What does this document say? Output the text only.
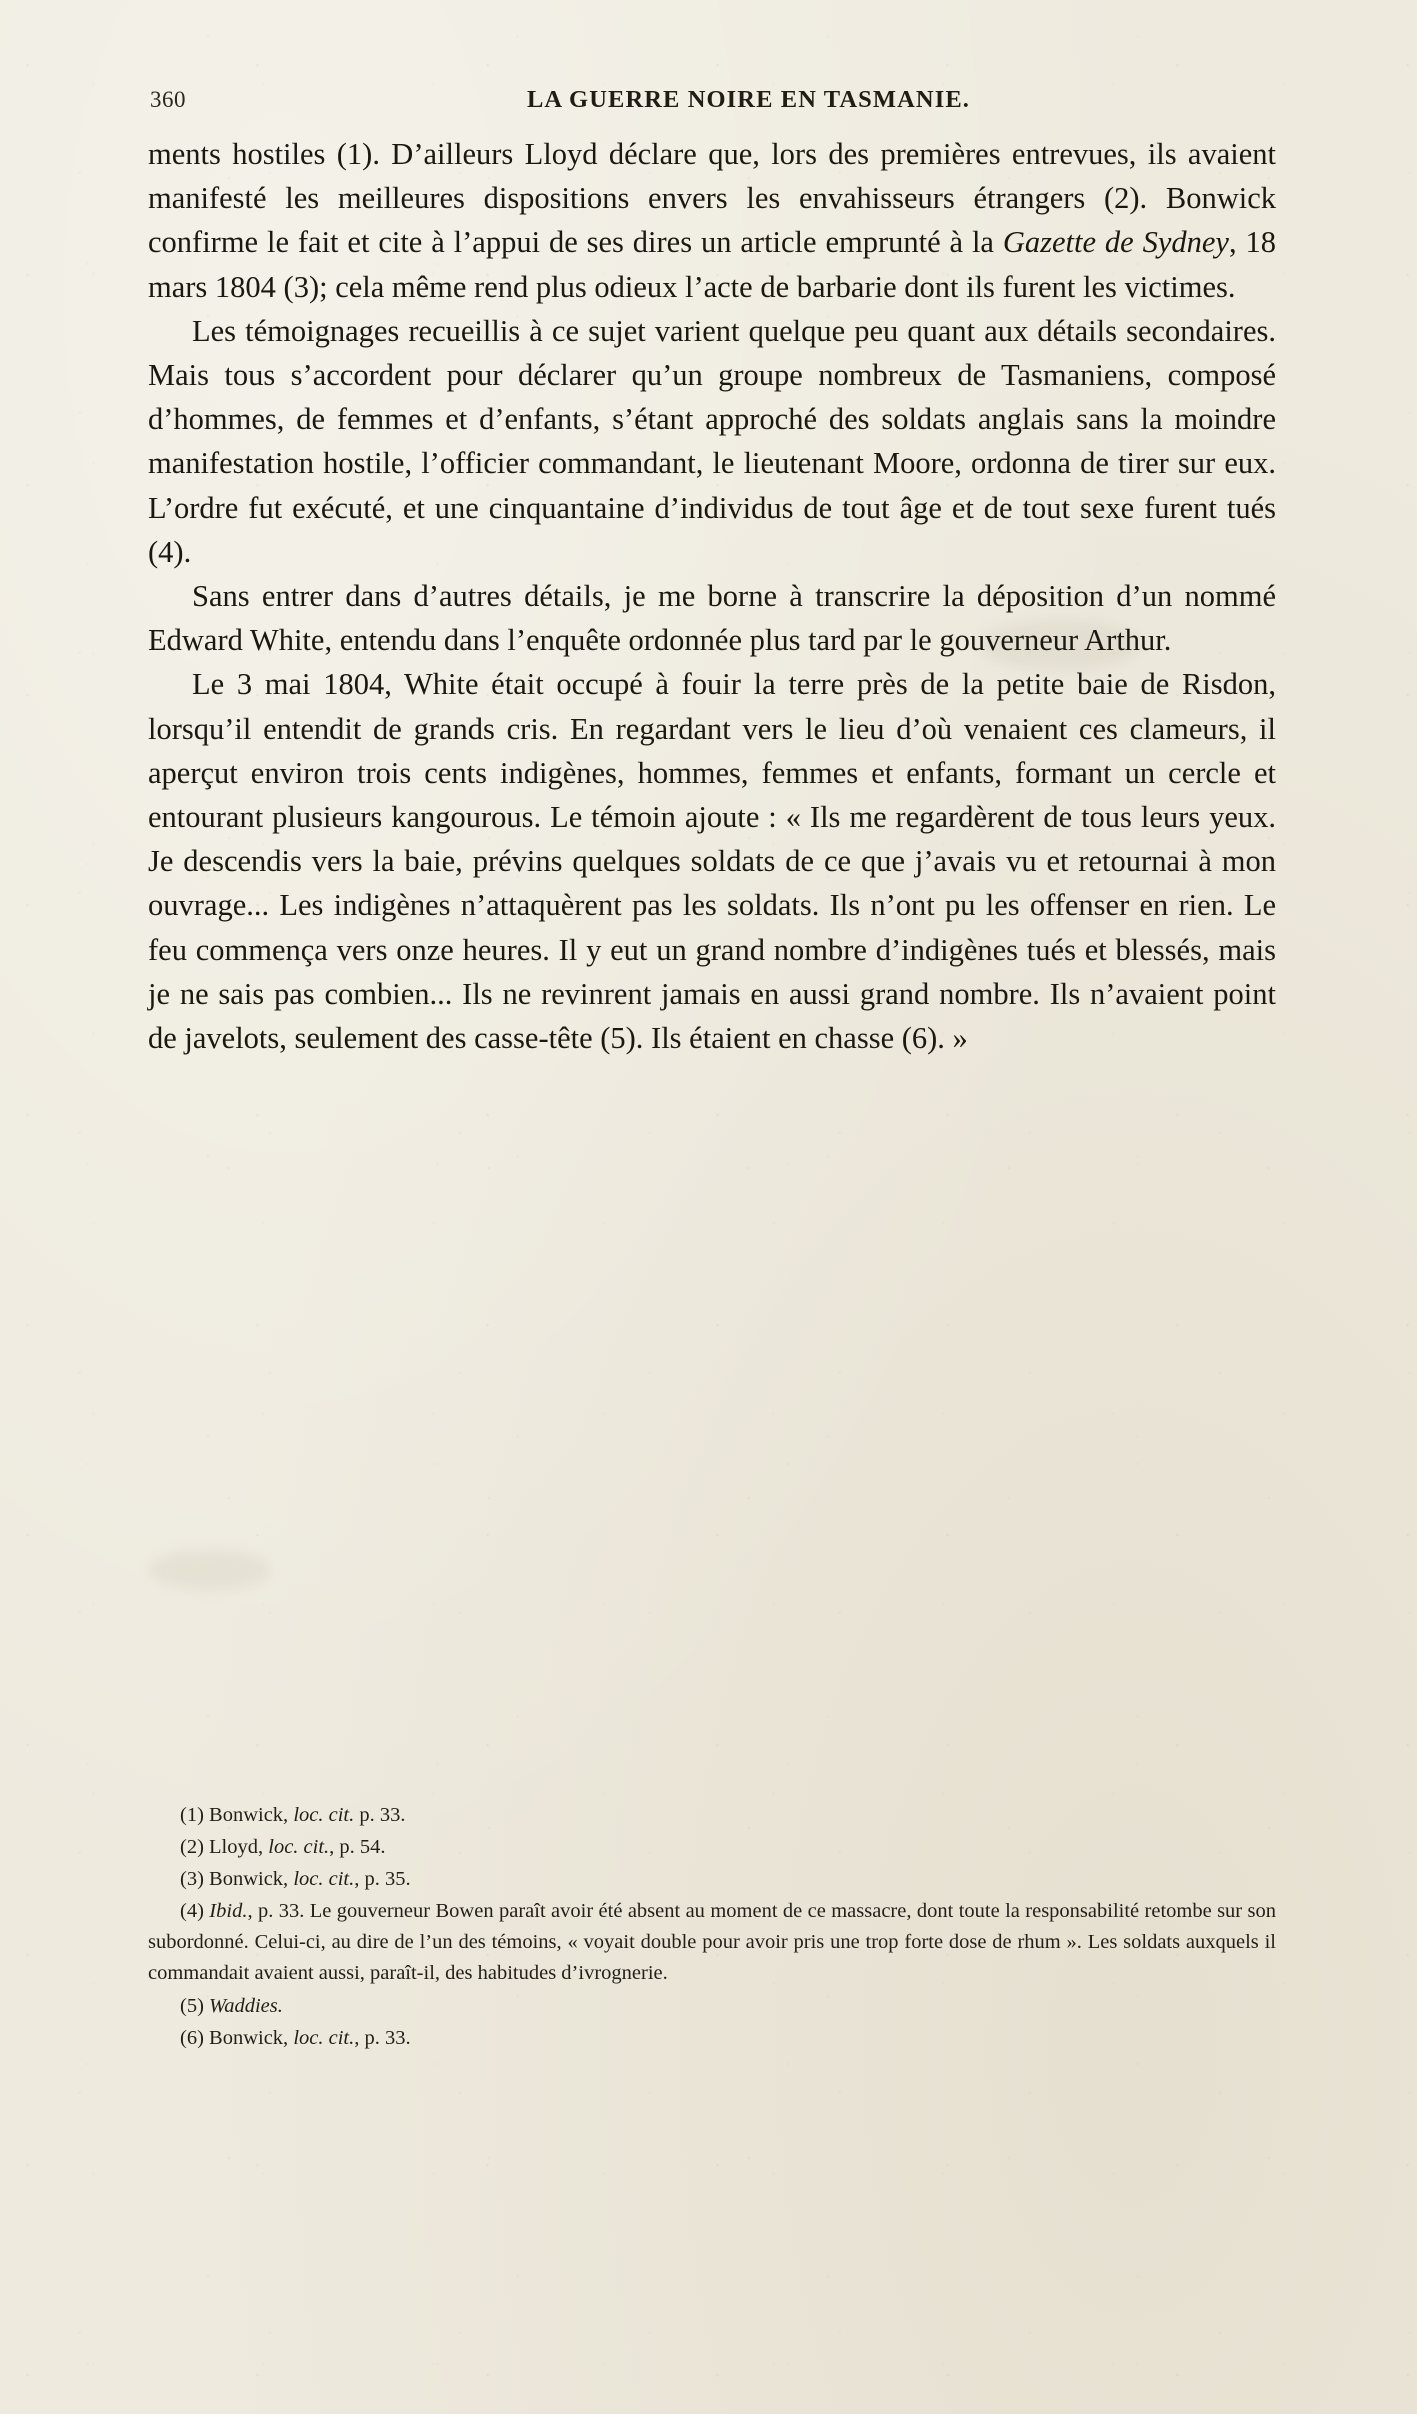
360	LA GUERRE NOIRE EN TASMANIE.

ments hostiles (1). D’ailleurs Lloyd déclare que, lors des premières entrevues, ils avaient manifesté les meilleures dispositions envers les envahisseurs étrangers (2). Bonwick confirme le fait et cite à l’appui de ses dires un article emprunté à la Gazette de Sydney, 18 mars 1804 (3); cela même rend plus odieux l’acte de barbarie dont ils furent les victimes.

Les témoignages recueillis à ce sujet varient quelque peu quant aux détails secondaires. Mais tous s’accordent pour déclarer qu’un groupe nombreux de Tasmaniens, composé d’hommes, de femmes et d’enfants, s’étant approché des soldats anglais sans la moindre manifestation hostile, l’officier commandant, le lieutenant Moore, ordonna de tirer sur eux. L’ordre fut exécuté, et une cinquantaine d’individus de tout âge et de tout sexe furent tués (4).

Sans entrer dans d’autres détails, je me borne à transcrire la déposition d’un nommé Edward White, entendu dans l’enquête ordonnée plus tard par le gouverneur Arthur.

Le 3 mai 1804, White était occupé à fouir la terre près de la petite baie de Risdon, lorsqu’il entendit de grands cris. En regardant vers le lieu d’où venaient ces clameurs, il aperçut environ trois cents indigènes, hommes, femmes et enfants, formant un cercle et entourant plusieurs kangourous. Le témoin ajoute : « Ils me regardèrent de tous leurs yeux. Je descendis vers la baie, prévins quelques soldats de ce que j’avais vu et retournai à mon ouvrage... Les indigènes n’attaquèrent pas les soldats. Ils n’ont pu les offenser en rien. Le feu commença vers onze heures. Il y eut un grand nombre d’indigènes tués et blessés, mais je ne sais pas combien... Ils ne revinrent jamais en aussi grand nombre. Ils n’avaient point de javelots, seulement des casse-tête (5). Ils étaient en chasse (6). »

(1) Bonwick, loc. cit. p. 33.

(2) Lloyd, loc. cit., p. 54.

(3) Bonwick, loc. cit., p. 35.

(4) Ibid., p. 33. Le gouverneur Bowen paraît avoir été absent au moment de ce massacre, dont toute la responsabilité retombe sur son subordonné. Celui-ci, au dire de l’un des témoins, « voyait double pour avoir pris une trop forte dose de rhum ». Les soldats auxquels il commandait avaient aussi, paraît-il, des habitudes d’ivrognerie.

(5) Waddies.

(6) Bonwick, loc. cit., p. 33.
